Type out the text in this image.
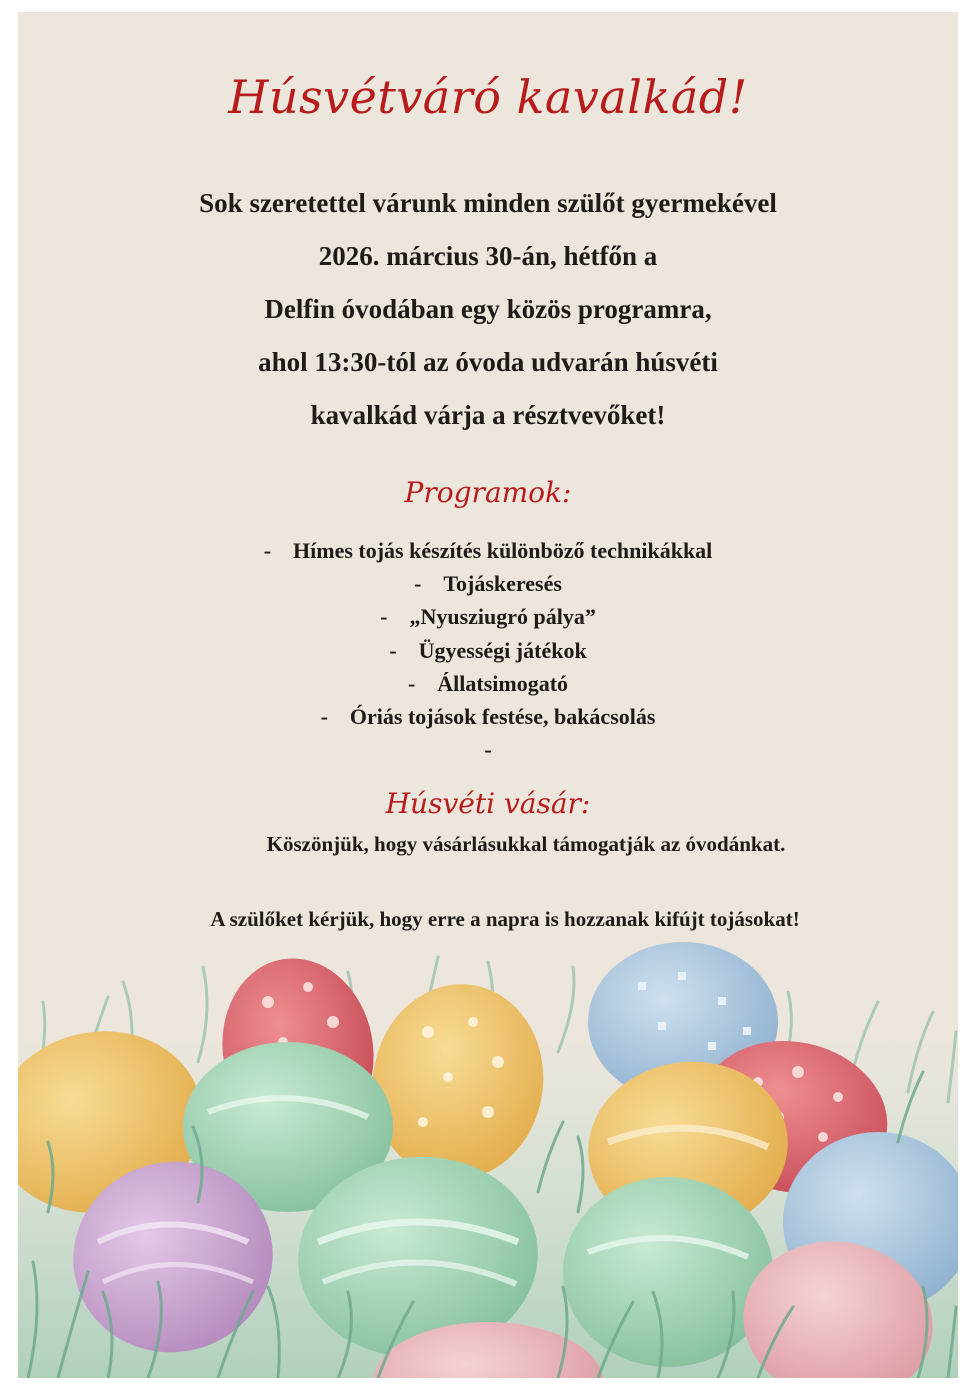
Húsvétváró kavalkád!
Sok szeretettel várunk minden szülőt gyermekével
2026. március 30-án, hétfőn a
Delfin óvodában egy közös programra,
ahol 13:30-tól az óvoda udvarán húsvéti
kavalkád várja a résztvevőket!
Programok:
- Hímes tojás készítés különböző technikákkal
- Tojáskeresés
- „Nyusziugró pálya”
- Ügyességi játékok
- Állatsimogató
- Óriás tojások festése, bakácsolás
-
Húsvéti vásár:
Köszönjük, hogy vásárlásukkal támogatják az óvodánkat.
A szülőket kérjük, hogy erre a napra is hozzanak kifújt tojásokat!
